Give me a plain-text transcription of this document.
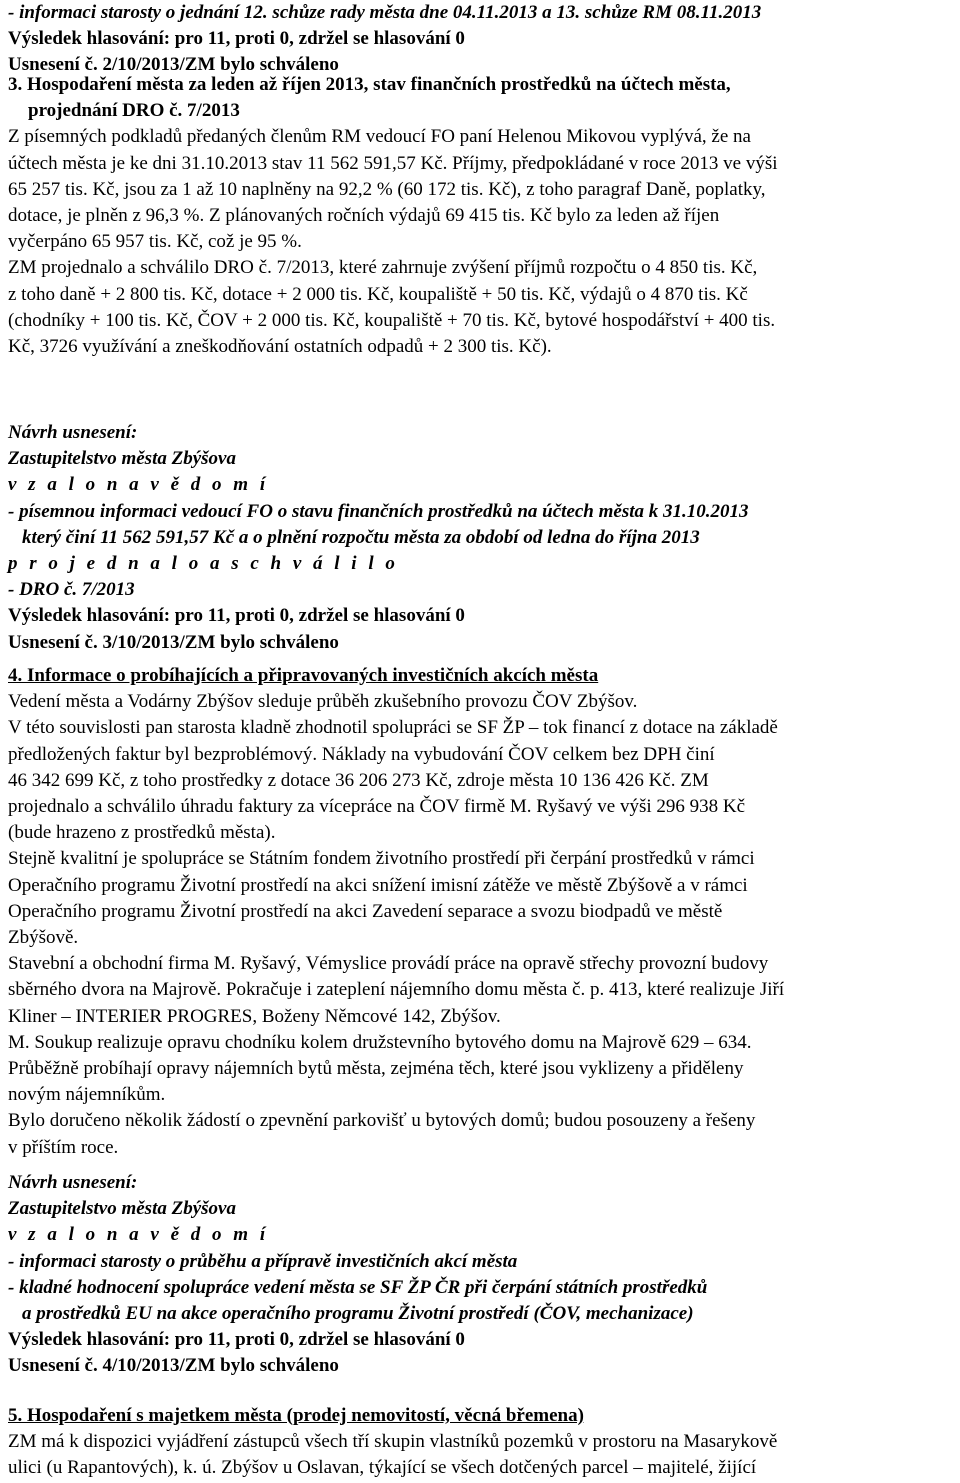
- informaci starosty o jednání 12. schůze rady města dne 04.11.2013 a 13. schůze RM 08.11.2013
Výsledek hlasování: pro 11, proti 0, zdržel se hlasování 0
Usnesení č. 2/10/2013/ZM bylo schváleno
3. Hospodaření města za leden až říjen 2013, stav finančních prostředků na účtech města,
projednání DRO č. 7/2013
Z písemných podkladů předaných členům RM vedoucí FO paní Helenou Mikovou vyplývá, že na
účtech města je ke dni 31.10.2013 stav 11 562 591,57 Kč. Příjmy, předpokládané v roce 2013 ve výši
65 257 tis. Kč, jsou za 1 až 10 naplněny na 92,2 % (60 172 tis. Kč), z toho paragraf Daně, poplatky,
dotace, je plněn z 96,3 %. Z plánovaných ročních výdajů 69 415 tis. Kč bylo za leden až říjen
vyčerpáno 65 957 tis. Kč, což je 95 %.
ZM projednalo a schválilo DRO č. 7/2013, které zahrnuje zvýšení příjmů rozpočtu o 4 850 tis. Kč,
z toho daně + 2 800 tis. Kč, dotace + 2 000 tis. Kč, koupaliště + 50 tis. Kč, výdajů o 4 870 tis. Kč
(chodníky + 100 tis. Kč, ČOV + 2 000 tis. Kč, koupaliště + 70 tis. Kč, bytové hospodářství + 400 tis.
Kč, 3726 využívání a zneškodňování ostatních odpadů + 2 300 tis. Kč).
Návrh usnesení:
Zastupitelstvo města Zbýšova
v z a l o n a v ě d o m í
- písemnou informaci vedoucí FO o stavu finančních prostředků na účtech města k 31.10.2013
který činí 11 562 591,57 Kč a o plnění rozpočtu města za období od ledna do října 2013
p r o j e d n a l o a s c h v á l i l o
- DRO č. 7/2013
Výsledek hlasování: pro 11, proti 0, zdržel se hlasování 0
Usnesení č. 3/10/2013/ZM bylo schváleno
4. Informace o probíhajících a připravovaných investičních akcích města
Vedení města a Vodárny Zbýšov sleduje průběh zkušebního provozu ČOV Zbýšov.
V této souvislosti pan starosta kladně zhodnotil spolupráci se SF ŽP – tok financí z dotace na základě
předložených faktur byl bezproblémový. Náklady na vybudování ČOV celkem bez DPH činí
46 342 699 Kč, z toho prostředky z dotace 36 206 273 Kč, zdroje města 10 136 426 Kč. ZM
projednalo a schválilo úhradu faktury za vícepráce na ČOV firmě M. Ryšavý ve výši 296 938 Kč
(bude hrazeno z prostředků města).
Stejně kvalitní je spolupráce se Státním fondem životního prostředí při čerpání prostředků v rámci
Operačního programu Životní prostředí na akci snížení imisní zátěže ve městě Zbýšově a v rámci
Operačního programu Životní prostředí na akci Zavedení separace a svozu biodpadů ve městě
Zbýšově.
Stavební a obchodní firma M. Ryšavý, Vémyslice provádí práce na opravě střechy provozní budovy
sběrného dvora na Majrově. Pokračuje i zateplení nájemního domu města č. p. 413, které realizuje Jiří
Kliner – INTERIER PROGRES, Boženy Němcové 142, Zbýšov.
M. Soukup realizuje opravu chodníku kolem družstevního bytového domu na Majrově 629 – 634.
Průběžně probíhají opravy nájemních bytů města, zejména těch, které jsou vyklizeny a přiděleny
novým nájemníkům.
Bylo doručeno několik žádostí o zpevnění parkovišť u bytových domů; budou posouzeny a řešeny
v příštím roce.
Návrh usnesení:
Zastupitelstvo města Zbýšova
v z a l o n a v ě d o m í
- informaci starosty o průběhu a přípravě investičních akcí města
- kladné hodnocení spolupráce vedení města se SF ŽP ČR při čerpání státních prostředků
a prostředků EU na akce operačního programu Životní prostředí (ČOV, mechanizace)
Výsledek hlasování: pro 11, proti 0, zdržel se hlasování 0
Usnesení č. 4/10/2013/ZM bylo schváleno
5. Hospodaření s majetkem města (prodej nemovitostí, věcná břemena)
ZM má k dispozici vyjádření zástupců všech tří skupin vlastníků pozemků v prostoru na Masarykově
ulici (u Rapantových), k. ú. Zbýšov u Oslavan, týkající se všech dotčených parcel – majitelé, žijící
